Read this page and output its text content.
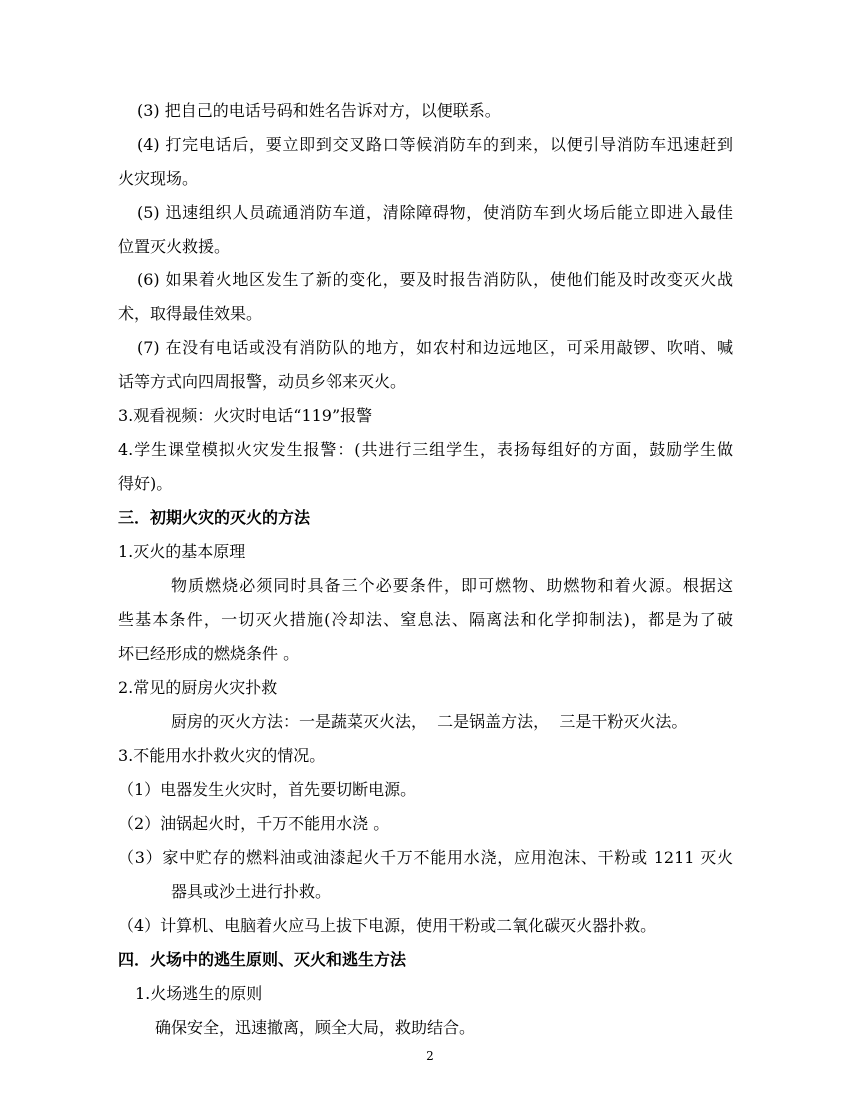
(3) 把自己的电话号码和姓名告诉对方，以便联系。
(4) 打完电话后，要立即到交叉路口等候消防车的到来，以便引导消防车迅速赶到
火灾现场。
(5) 迅速组织人员疏通消防车道，清除障碍物，使消防车到火场后能立即进入最佳
位置灭火救援。
(6) 如果着火地区发生了新的变化，要及时报告消防队，使他们能及时改变灭火战
术，取得最佳效果。
(7) 在没有电话或没有消防队的地方，如农村和边远地区，可采用敲锣、吹哨、喊
话等方式向四周报警，动员乡邻来灭火。
3.观看视频：火灾时电话“119”报警
4.学生课堂模拟火灾发生报警：(共进行三组学生，表扬每组好的方面，鼓励学生做
得好)。
三．初期火灾的灭火的方法
1.灭火的基本原理
物质燃烧必须同时具备三个必要条件，即可燃物、助燃物和着火源。根据这
些基本条件，一切灭火措施(冷却法、窒息法、隔离法和化学抑制法)，都是为了破
坏已经形成的燃烧条件 。
2.常见的厨房火灾扑救
厨房的灭火方法：一是蔬菜灭火法，  二是锅盖方法，  三是干粉灭火法。
3.不能用水扑救火灾的情况。
（1）电器发生火灾时，首先要切断电源。
（2）油锅起火时，千万不能用水浇 。
（3）家中贮存的燃料油或油漆起火千万不能用水浇，应用泡沫、干粉或 1211 灭火
器具或沙土进行扑救。
（4）计算机、电脑着火应马上拔下电源，使用干粉或二氧化碳灭火器扑救。
四．火场中的逃生原则、灭火和逃生方法
1.火场逃生的原则
确保安全，迅速撤离，顾全大局，救助结合。
2
